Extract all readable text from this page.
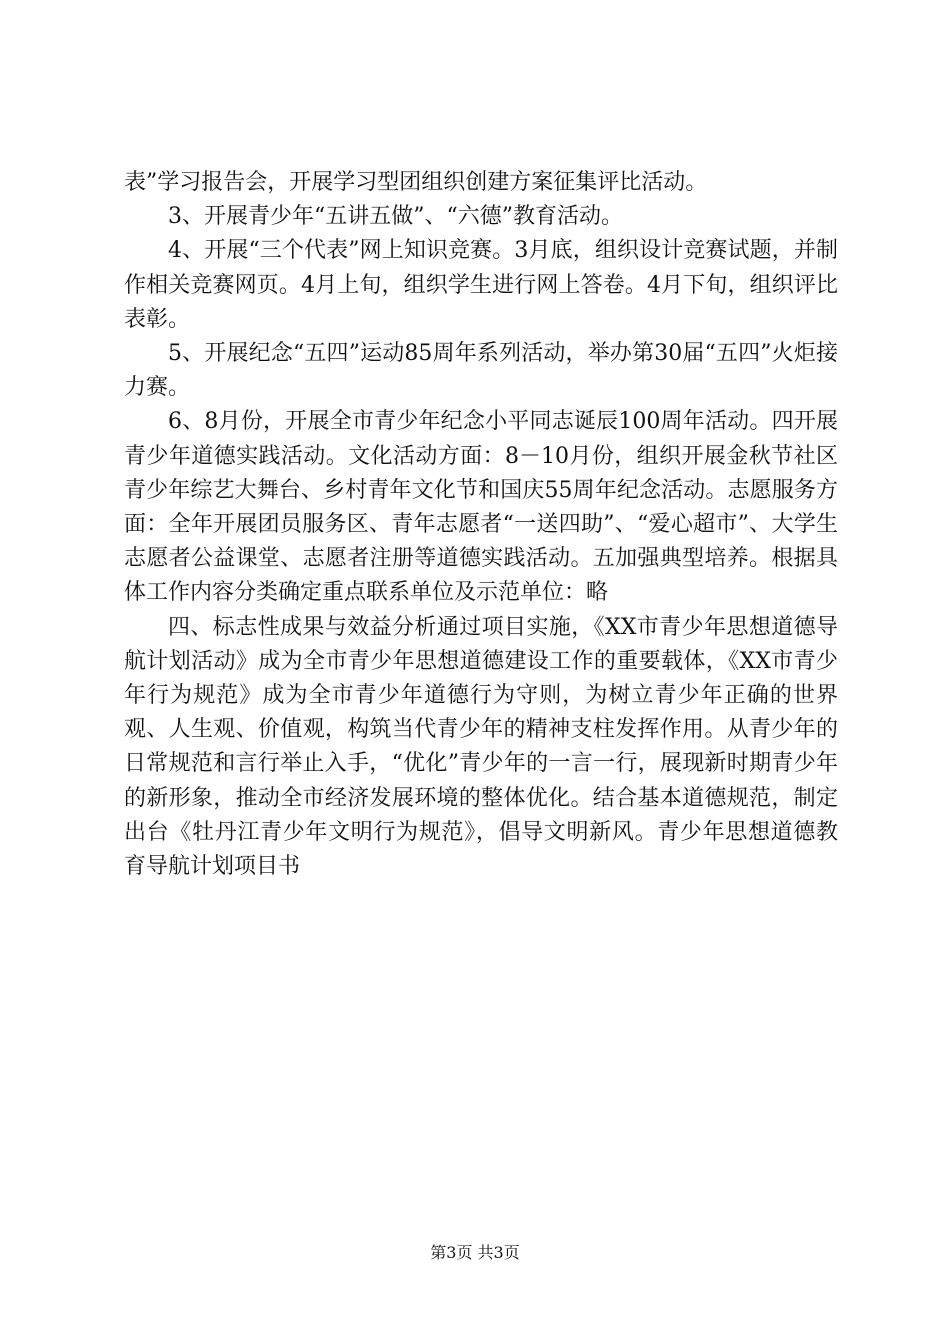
表”学习报告会，开展学习型团组织创建方案征集评比活动。

3、开展青少年“五讲五做”、“六德”教育活动。

4、开展“三个代表”网上知识竞赛。3月底，组织设计竞赛试题，并制作相关竞赛网页。4月上旬，组织学生进行网上答卷。4月下旬，组织评比表彰。

5、开展纪念“五四”运动85周年系列活动，举办第30届“五四”火炬接力赛。

6、8月份，开展全市青少年纪念小平同志诞辰100周年活动。四开展青少年道德实践活动。文化活动方面：8－10月份，组织开展金秋节社区青少年综艺大舞台、乡村青年文化节和国庆55周年纪念活动。志愿服务方面：全年开展团员服务区、青年志愿者“一送四助”、“爱心超市”、大学生志愿者公益课堂、志愿者注册等道德实践活动。五加强典型培养。根据具体工作内容分类确定重点联系单位及示范单位：略

四、标志性成果与效益分析通过项目实施，《XX市青少年思想道德导航计划活动》成为全市青少年思想道德建设工作的重要载体，《XX市青少年行为规范》成为全市青少年道德行为守则，为树立青少年正确的世界观、人生观、价值观，构筑当代青少年的精神支柱发挥作用。从青少年的日常规范和言行举止入手，“优化”青少年的一言一行，展现新时期青少年的新形象，推动全市经济发展环境的整体优化。结合基本道德规范，制定出台《牡丹江青少年文明行为规范》，倡导文明新风。青少年思想道德教育导航计划项目书

第3页 共3页
